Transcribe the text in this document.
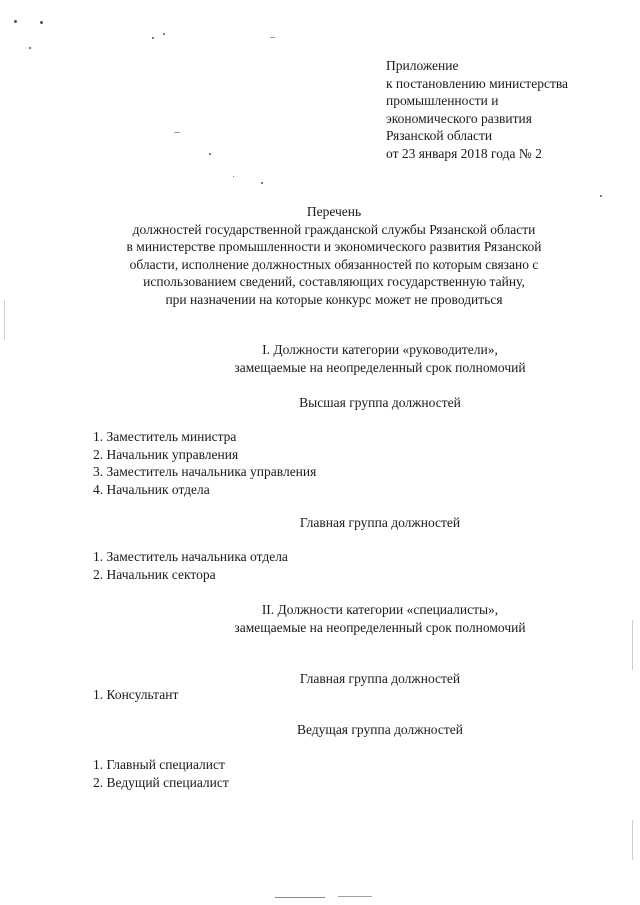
Приложение
к постановлению министерства
промышленности и
экономического развития
Рязанской области
от 23 января 2018 года № 2
Перечень
должностей государственной гражданской службы Рязанской области
в министерстве промышленности и экономического развития Рязанской
области, исполнение должностных обязанностей по которым связано с
использованием сведений, составляющих государственную тайну,
при назначении на которые конкурс может не проводиться
I. Должности категории «руководители»,
замещаемые на неопределенный срок полномочий
Высшая группа должностей
1. Заместитель министра
2. Начальник управления
3. Заместитель начальника управления
4. Начальник отдела
Главная группа должностей
1. Заместитель начальника отдела
2. Начальник сектора
II. Должности категории «специалисты»,
замещаемые на неопределенный срок полномочий
Главная группа должностей
1. Консультант
Ведущая группа должностей
1. Главный специалист
2. Ведущий специалист
